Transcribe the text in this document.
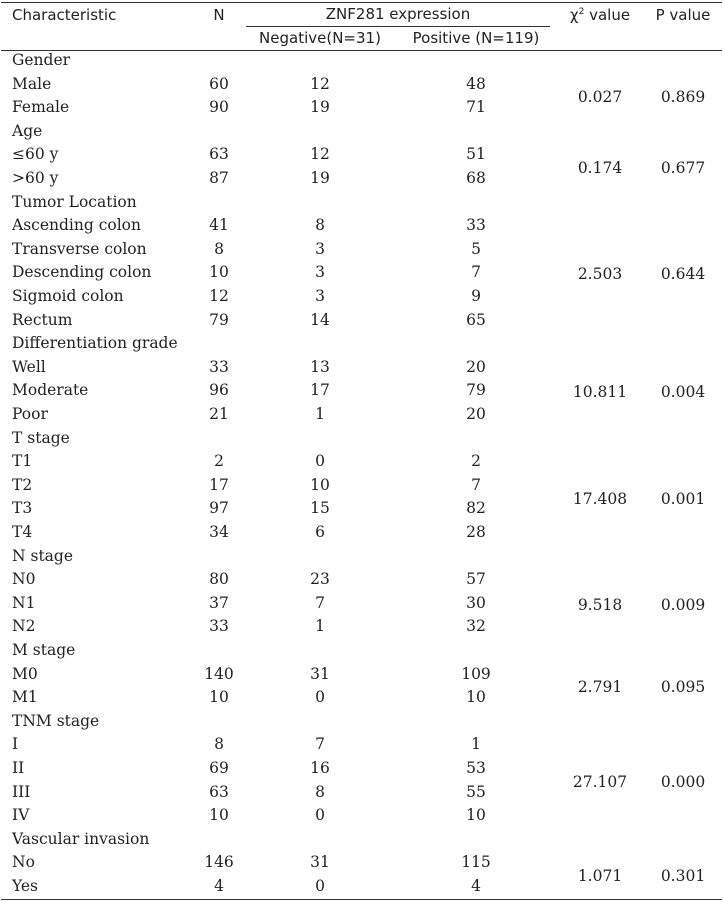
Characteristic	N	ZNF281 expression
Negative(N=31)	Positive (N=119)
$\chi^2$ value	P value
Gender
Male	60	12	48
Female	90	19	71
0.027	0.869
Age
≤60 y	63	12	51
>60 y	87	19	68
0.174	0.677
Tumor Location
Ascending colon	41	8	33
Transverse colon	8	3	5
Descending colon	10	3	7
Sigmoid colon	12	3	9
Rectum	79	14	65
2.503	0.644
Differentiation grade
Well	33	13	20
Moderate	96	17	79
Poor	21	1	20
10.811	0.004
T stage
T1	2	0	2
T2	17	10	7
T3	97	15	82
T4	34	6	28
17.408	0.001
N stage
N0	80	23	57
N1	37	7	30
N2	33	1	32
9.518	0.009
M stage
M0	140	31	109
M1	10	0	10
2.791	0.095
TNM stage
I	8	7	1
II	69	16	53
III	63	8	55
IV	10	0	10
27.107	0.000
Vascular invasion
No	146	31	115
Yes	4	0	4
1.071	0.301
